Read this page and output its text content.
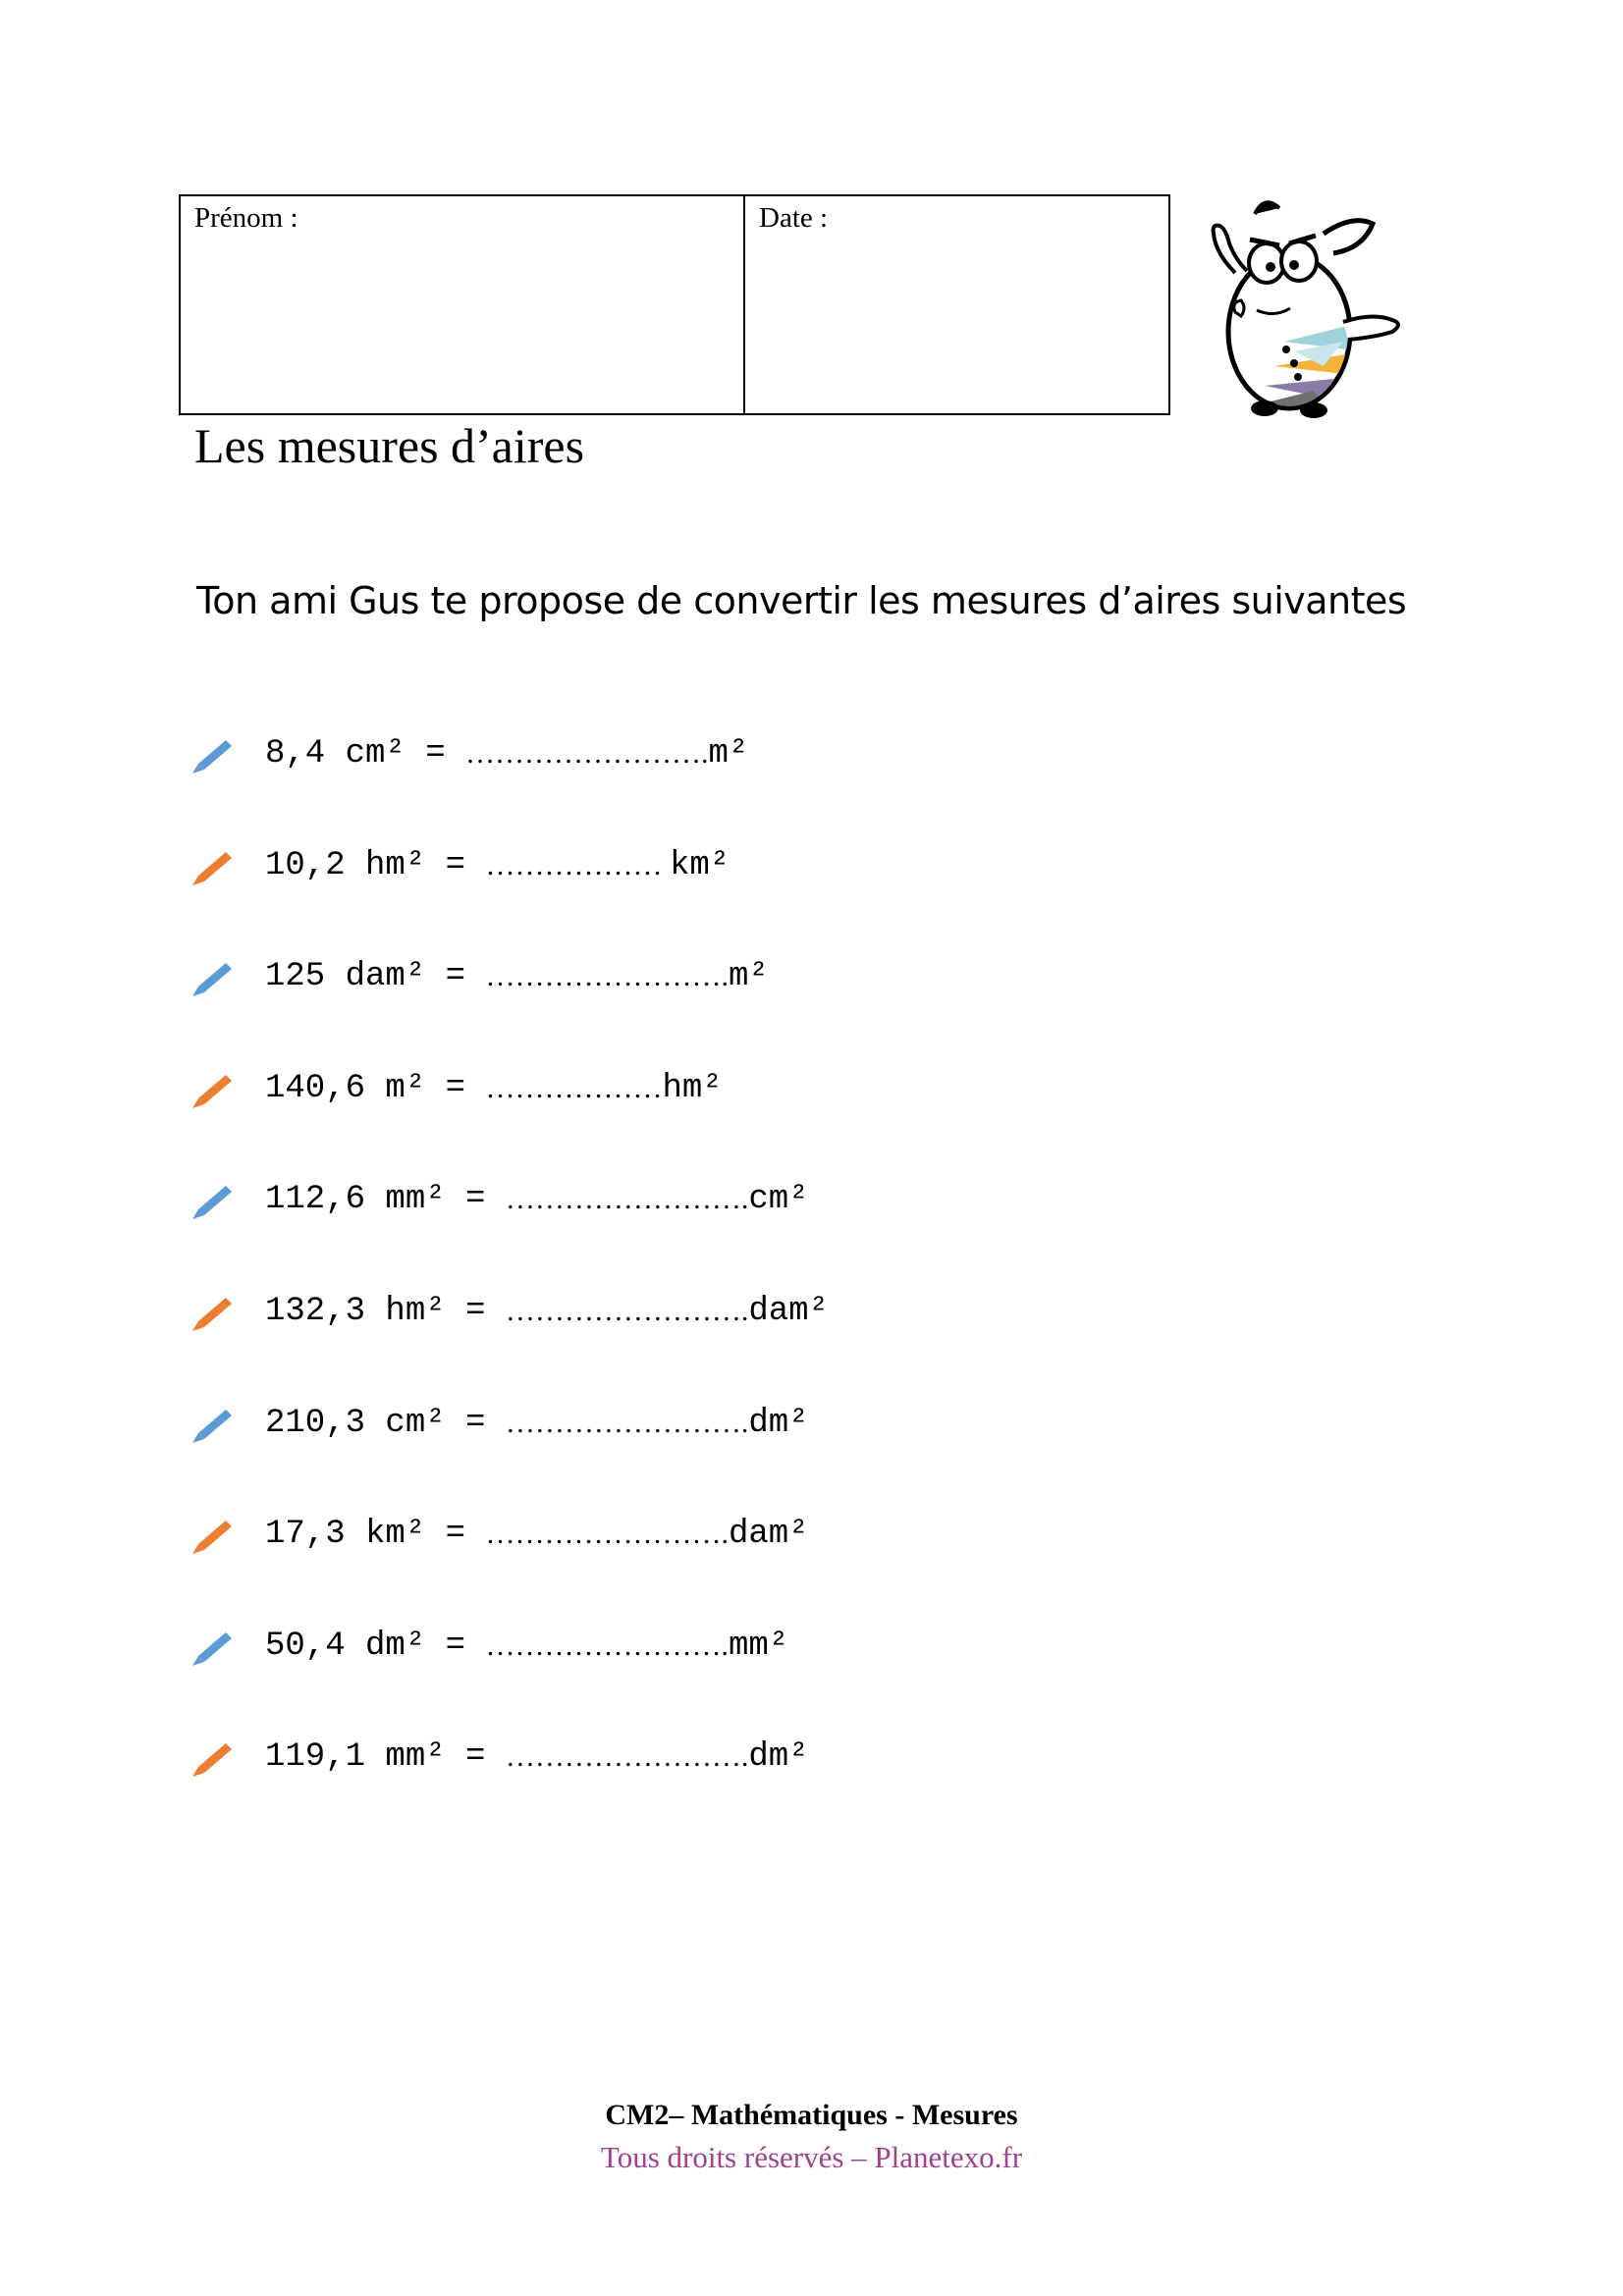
Prénom :	Date :
Les mesures d’aires

Ton ami Gus te propose de convertir les mesures d’aires suivantes

8,4 cm² = ……………………. m²
10,2 hm² = ……………… km²
125 dam² = ……………………. m²
140,6 m² = ……………… hm²
112,6 mm² = ……………………. cm²
132,3 hm² = ……………………. dam²
210,3 cm² = ……………………. dm²
17,3 km² = ……………………. dam²
50,4 dm² = ……………………. mm²
119,1 mm² = ……………………. dm²
CM2– Mathématiques - Mesures
Tous droits réservés – Planetexo.fr
